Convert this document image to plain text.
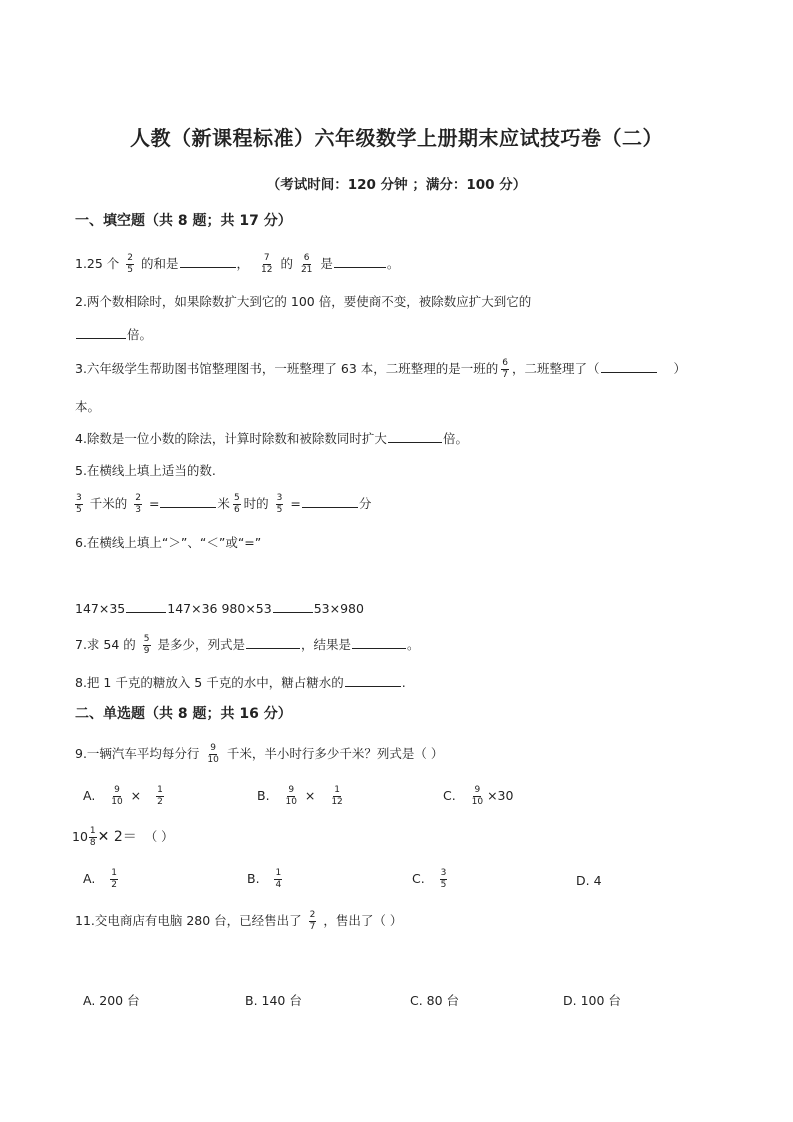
人教（新课程标准）六年级数学上册期末应试技巧卷（二）
（考试时间：120 分钟 ；满分：100 分）
一、填空题（共 8 题；共 17 分）
1.25 个 $\frac{2}{5}$ 的和是	， $\frac{7}{12}$ 的 $\frac{6}{21}$ 是	。
2.两个数相除时，如果除数扩大到它的 100 倍，要使商不变，被除数应扩大到它的
倍。
3.六年级学生帮助图书馆整理图书，一班整理了 63 本，二班整理的是一班的 $\frac{6}{7}$ ，二班整理了（	）
本。
4.除数是一位小数的除法，计算时除数和被除数同时扩大	倍。
5.在横线上填上适当的数.
$\frac{3}{5}$ 千米的 $\frac{2}{3}$ =	米 $\frac{5}{6}$ 时的 $\frac{3}{5}$ =	分
6.在横线上填上“＞”、“＜”或“=”
147×35	147×36 980×53	53×980
7.求 54 的 $\frac{5}{9}$ 是多少，列式是	，结果是	。
8.把 1 千克的糖放入 5 千克的水中，糖占糖水的	.
二、单选题（共 8 题；共 16 分）
9.一辆汽车平均每分行 $\frac{9}{10}$ 千米，半小时行多少千米？列式是（ ）
A. $\frac{9}{10} \times \frac{1}{2}$	B. $\frac{9}{10} \times \frac{1}{12}$	C. $\frac{9}{10} \times 30$
$10 \frac{1}{8}$ ✕ 2＝ （ ）
A. $\frac{1}{2}$	B. $\frac{1}{4}$	C. $\frac{3}{5}$	D. 4
11.交电商店有电脑 280 台，已经售出了 $\frac{2}{7}$ ，售出了（ ）
A. 200 台	B. 140 台	C. 80 台	D. 100 台
